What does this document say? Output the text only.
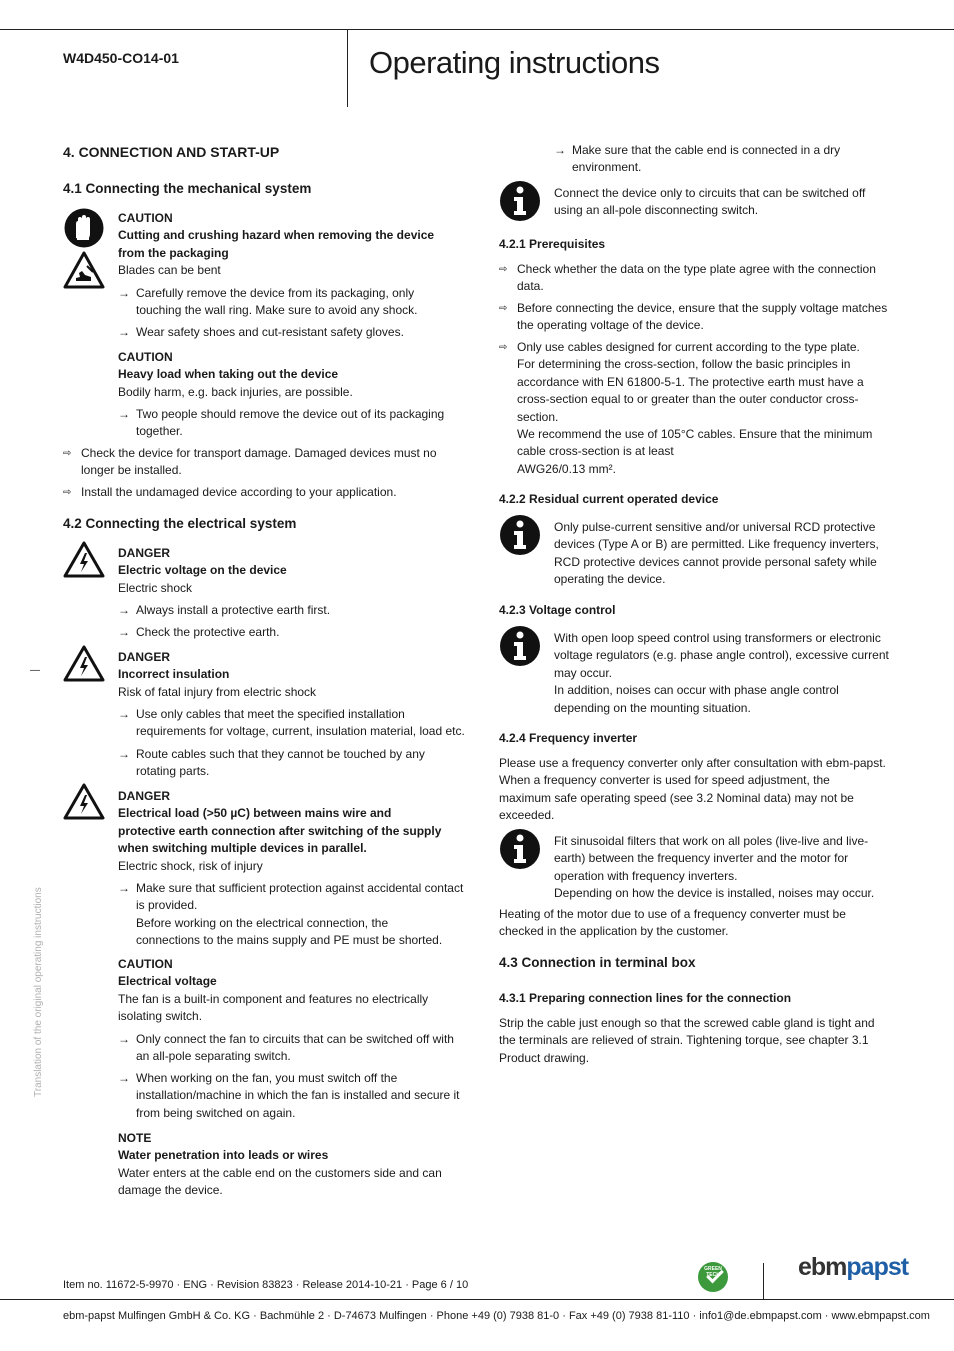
W4D450-CO14-01	Operating instructions
Translation of the original operating instructions
—
4. CONNECTION AND START-UP
4.1 Connecting the mechanical system
CAUTION
Cutting and crushing hazard when removing the device
from the packaging
Blades can be bent
→ Carefully remove the device from its packaging, only
touching the wall ring. Make sure to avoid any shock.
→ Wear safety shoes and cut-resistant safety gloves.
CAUTION
Heavy load when taking out the device
Bodily harm, e.g. back injuries, are possible.
→ Two people should remove the device out of its packaging
together.
⇨ Check the device for transport damage. Damaged devices must no
longer be installed.
⇨ Install the undamaged device according to your application.
4.2 Connecting the electrical system
DANGER
Electric voltage on the device
Electric shock
→ Always install a protective earth first.
→ Check the protective earth.
DANGER
Incorrect insulation
Risk of fatal injury from electric shock
→ Use only cables that meet the specified installation
requirements for voltage, current, insulation material, load etc.
→ Route cables such that they cannot be touched by any
rotating parts.
DANGER
Electrical load (>50 µC) between mains wire and
protective earth connection after switching of the supply
when switching multiple devices in parallel.
Electric shock, risk of injury
→ Make sure that sufficient protection against accidental contact
is provided.
Before working on the electrical connection, the
connections to the mains supply and PE must be shorted.
CAUTION
Electrical voltage
The fan is a built-in component and features no electrically
isolating switch.
→ Only connect the fan to circuits that can be switched off with
an all-pole separating switch.
→ When working on the fan, you must switch off the
installation/machine in which the fan is installed and secure it
from being switched on again.
NOTE
Water penetration into leads or wires
Water enters at the cable end on the customers side and can
damage the device.
→ Make sure that the cable end is connected in a dry
environment.
Connect the device only to circuits that can be switched off
using an all-pole disconnecting switch.
4.2.1 Prerequisites
⇨ Check whether the data on the type plate agree with the connection
data.
⇨ Before connecting the device, ensure that the supply voltage matches
the operating voltage of the device.
⇨ Only use cables designed for current according to the type plate.
For determining the cross-section, follow the basic principles in
accordance with EN 61800-5-1. The protective earth must have a
cross-section equal to or greater than the outer conductor cross-
section.
We recommend the use of 105°C cables. Ensure that the minimum
cable cross-section is at least
AWG26/0.13 mm².
4.2.2 Residual current operated device
Only pulse-current sensitive and/or universal RCD protective
devices (Type A or B) are permitted. Like frequency inverters,
RCD protective devices cannot provide personal safety while
operating the device.
4.2.3 Voltage control
With open loop speed control using transformers or electronic
voltage regulators (e.g. phase angle control), excessive current
may occur.
In addition, noises can occur with phase angle control
depending on the mounting situation.
4.2.4 Frequency inverter
Please use a frequency converter only after consultation with ebm-papst.
When a frequency converter is used for speed adjustment, the
maximum safe operating speed (see 3.2 Nominal data) may not be
exceeded.
Fit sinusoidal filters that work on all poles (live-live and live-
earth) between the frequency inverter and the motor for
operation with frequency inverters.
Depending on how the device is installed, noises may occur.
Heating of the motor due to use of a frequency converter must be
checked in the application by the customer.
4.3 Connection in terminal box
4.3.1 Preparing connection lines for the connection
Strip the cable just enough so that the screwed cable gland is tight and
the terminals are relieved of strain. Tightening torque, see chapter 3.1
Product drawing.
Item no. 11672-5-9970 · ENG · Revision 83823 · Release 2014-10-21 · Page 6 / 10
GREEN TECH	ebmpapst
ebm-papst Mulfingen GmbH & Co. KG · Bachmühle 2 · D-74673 Mulfingen · Phone +49 (0) 7938 81-0 · Fax +49 (0) 7938 81-110 · info1@de.ebmpapst.com · www.ebmpapst.com
